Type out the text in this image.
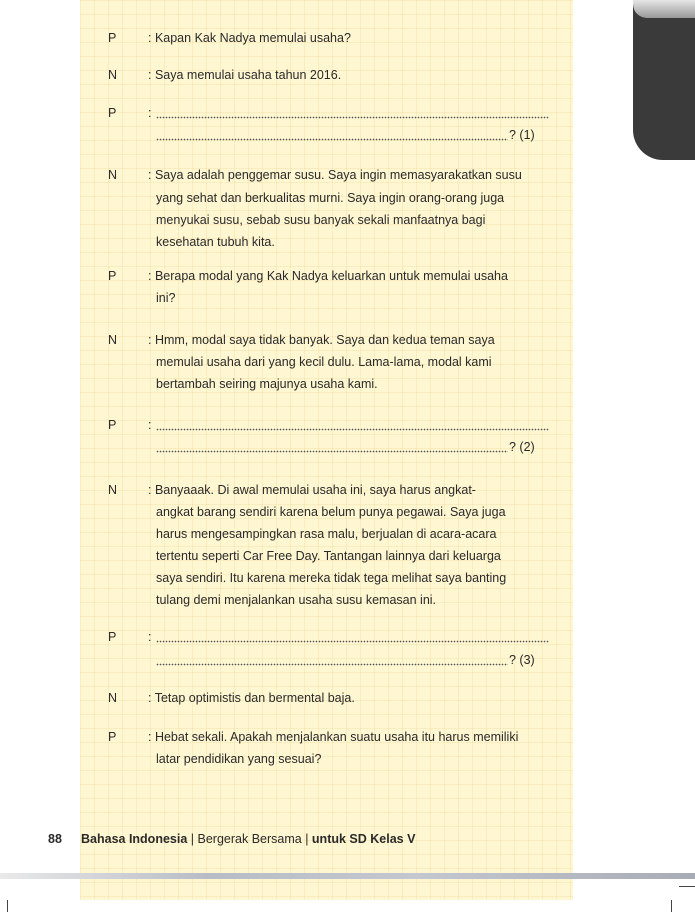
P	: Kapan Kak Nadya memulai usaha?
N : Saya memulai usaha tahun 2016.
P	:
? (1)
N : Saya adalah penggemar susu. Saya ingin memasyarakatkan susu
yang sehat dan berkualitas murni. Saya ingin orang-orang juga
menyukai susu, sebab susu banyak sekali manfaatnya bagi
kesehatan tubuh kita.
P	: Berapa modal yang Kak Nadya keluarkan untuk memulai usaha
ini?
N : Hmm, modal saya tidak banyak. Saya dan kedua teman saya
memulai usaha dari yang kecil dulu. Lama-lama, modal kami
bertambah seiring majunya usaha kami.
P	:
? (2)
N : Banyaaak. Di awal memulai usaha ini, saya harus angkat-
angkat barang sendiri karena belum punya pegawai. Saya juga
harus mengesampingkan rasa malu, berjualan di acara-acara
tertentu seperti Car Free Day. Tantangan lainnya dari keluarga
saya sendiri. Itu karena mereka tidak tega melihat saya banting
tulang demi menjalankan usaha susu kemasan ini.
P	:
? (3)
N : Tetap optimistis dan bermental baja.
P	: Hebat sekali. Apakah menjalankan suatu usaha itu harus memiliki
latar pendidikan yang sesuai?
88 Bahasa Indonesia | Bergerak Bersama | untuk SD Kelas V
